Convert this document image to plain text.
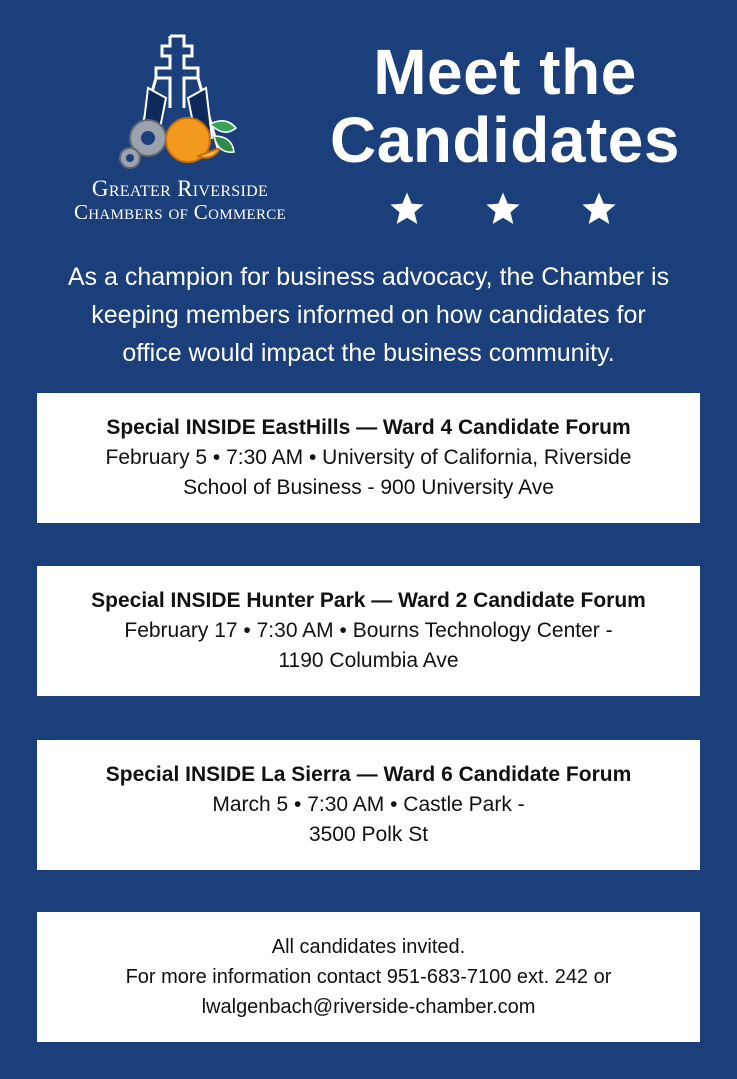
Greater Riverside
Chambers of Commerce
Meet the
Candidates
As a champion for business advocacy, the Chamber is
keeping members informed on how candidates for
office would impact the business community.
Special INSIDE EastHills — Ward 4 Candidate Forum
February 5 • 7:30 AM • University of California, Riverside
School of Business - 900 University Ave
Special INSIDE Hunter Park — Ward 2 Candidate Forum
February 17 • 7:30 AM • Bourns Technology Center -
1190 Columbia Ave
Special INSIDE La Sierra — Ward 6 Candidate Forum
March 5 • 7:30 AM • Castle Park -
3500 Polk St
All candidates invited.
For more information contact 951-683-7100 ext. 242 or
lwalgenbach@riverside-chamber.com
